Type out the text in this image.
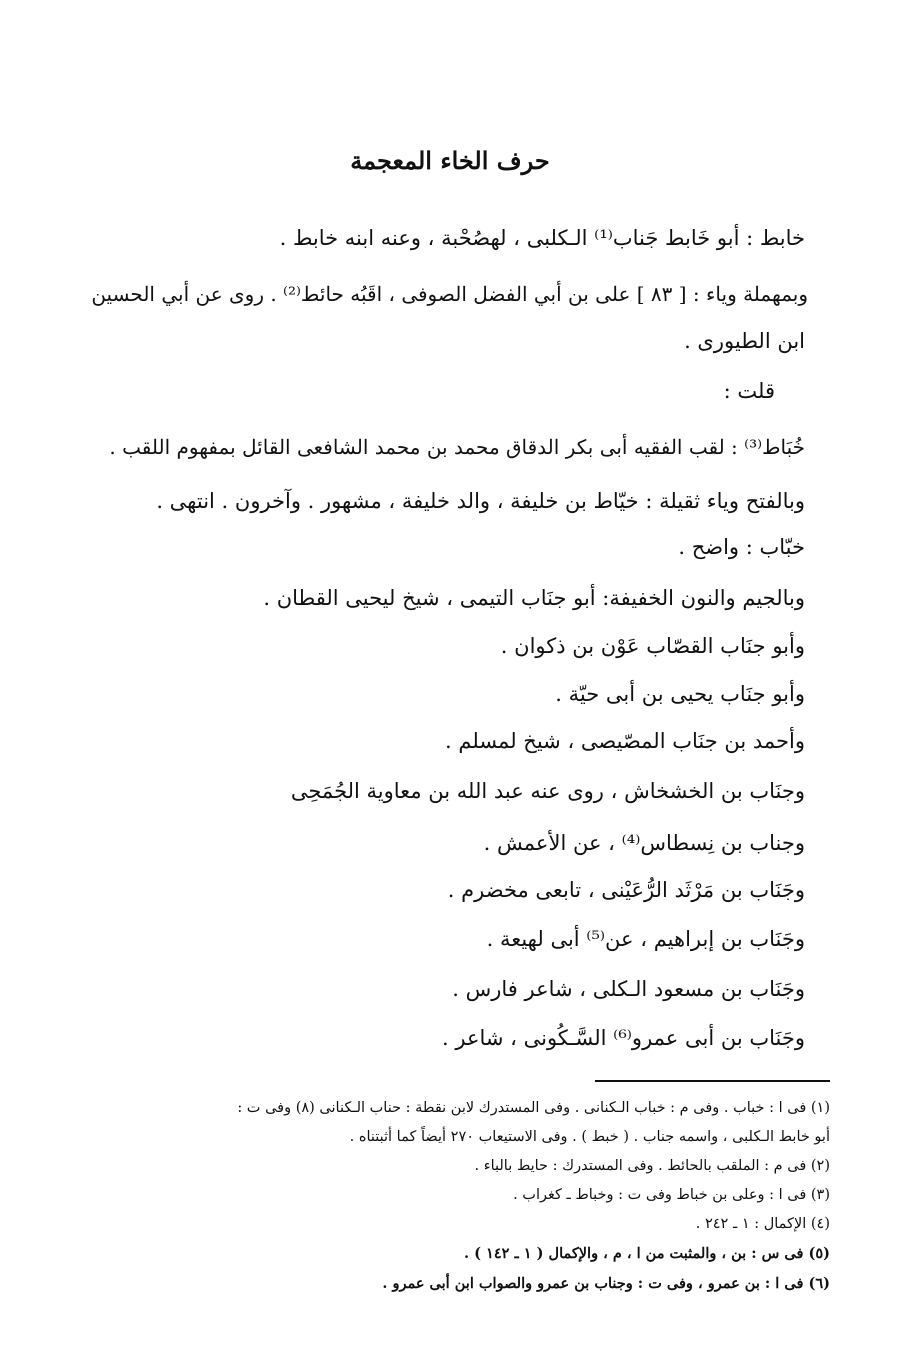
حرف الخاء المعجمة
خابط : أبو خَابط جَناب⁽¹⁾ الـكلبى ، لهصُحْبة ، وعنه ابنه خابط .
وبمهملة وياء : [ ٨٣ ] على بن أبي الفضل الصوفى ، اقَبُه حائط⁽²⁾ . روى عن أبي الحسين
ابن الطيورى .
قلت :
خُبَاط⁽³⁾ : لقب الفقيه أبى بكر الدقاق محمد بن محمد الشافعى القائل بمفهوم اللقب .
وبالفتح وياء ثقيلة : خيّاط بن خليفة ، والد خليفة ، مشهور . وآخرون . انتهى .
خبّاب : واضح .
وبالجيم والنون الخفيفة: أبو جنَاب التيمى ، شيخ ليحيى القطان .
وأبو جنَاب القصّاب عَوْن بن ذكوان .
وأبو جنَاب يحيى بن أبى حيّة .
وأحمد بن جنَاب المصّيصى ، شيخ لمسلم .
وجنَاب بن الخشخاش ، روى عنه عبد الله بن معاوية الجُمَحِى
وجناب بن نِسطاس⁽⁴⁾ ، عن الأعمش .
وجَنَاب بن مَرْثَد الرُّعَيْنى ، تابعى مخضرم .
وجَنَاب بن إبراهيم ، عن⁽⁵⁾ أبى لهيعة .
وجَنَاب بن مسعود الـكلى ، شاعر فارس .
وجَنَاب بن أبى عمرو⁽⁶⁾ السَّـكُونى ، شاعر .
(١) فى ا : خباب . وفى م : خباب الـكنانى . وفى المستدرك لابن نقطة : حناب الـكنانى (٨) وفى ت :
أبو خابط الـكلبى ، واسمه جناب . ( خبط ) . وفى الاستيعاب ٢٧٠ أيضاً كما أثبتناه .
(٢) فى م : الملقب بالحائط . وفى المستدرك : حايط بالباء .
(٣) فى ا : وعلى بن خباط وفى ت : وخباط ـ كغراب .
(٤) الإكمال : ١ ـ ٢٤٢ .
(٥) فى س : بن ، والمثبت من ا ، م ، والإكمال ( ١ ـ ١٤٢ ) .
(٦) فى ا : بن عمرو ، وفى ت : وجناب بن عمرو والصواب ابن أبى عمرو .
